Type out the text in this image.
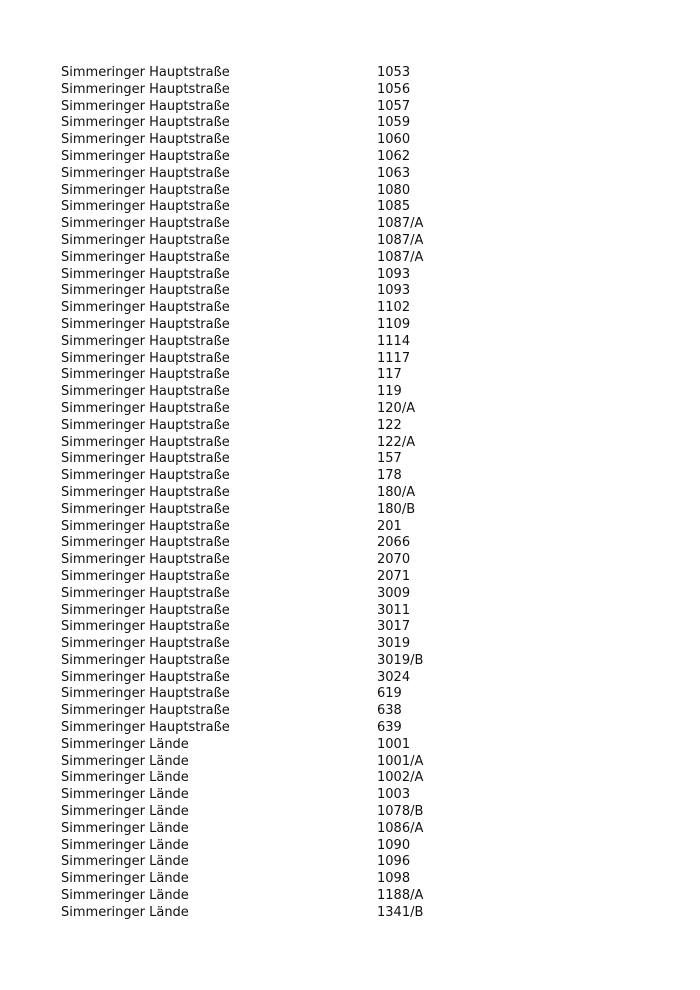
Simmeringer Hauptstraße	1053
Simmeringer Hauptstraße	1056
Simmeringer Hauptstraße	1057
Simmeringer Hauptstraße	1059
Simmeringer Hauptstraße	1060
Simmeringer Hauptstraße	1062
Simmeringer Hauptstraße	1063
Simmeringer Hauptstraße	1080
Simmeringer Hauptstraße	1085
Simmeringer Hauptstraße	1087/A
Simmeringer Hauptstraße	1087/A
Simmeringer Hauptstraße	1087/A
Simmeringer Hauptstraße	1093
Simmeringer Hauptstraße	1093
Simmeringer Hauptstraße	1102
Simmeringer Hauptstraße	1109
Simmeringer Hauptstraße	1114
Simmeringer Hauptstraße	1117
Simmeringer Hauptstraße	117
Simmeringer Hauptstraße	119
Simmeringer Hauptstraße	120/A
Simmeringer Hauptstraße	122
Simmeringer Hauptstraße	122/A
Simmeringer Hauptstraße	157
Simmeringer Hauptstraße	178
Simmeringer Hauptstraße	180/A
Simmeringer Hauptstraße	180/B
Simmeringer Hauptstraße	201
Simmeringer Hauptstraße	2066
Simmeringer Hauptstraße	2070
Simmeringer Hauptstraße	2071
Simmeringer Hauptstraße	3009
Simmeringer Hauptstraße	3011
Simmeringer Hauptstraße	3017
Simmeringer Hauptstraße	3019
Simmeringer Hauptstraße	3019/B
Simmeringer Hauptstraße	3024
Simmeringer Hauptstraße	619
Simmeringer Hauptstraße	638
Simmeringer Hauptstraße	639
Simmeringer Lände	1001
Simmeringer Lände	1001/A
Simmeringer Lände	1002/A
Simmeringer Lände	1003
Simmeringer Lände	1078/B
Simmeringer Lände	1086/A
Simmeringer Lände	1090
Simmeringer Lände	1096
Simmeringer Lände	1098
Simmeringer Lände	1188/A
Simmeringer Lände	1341/B
